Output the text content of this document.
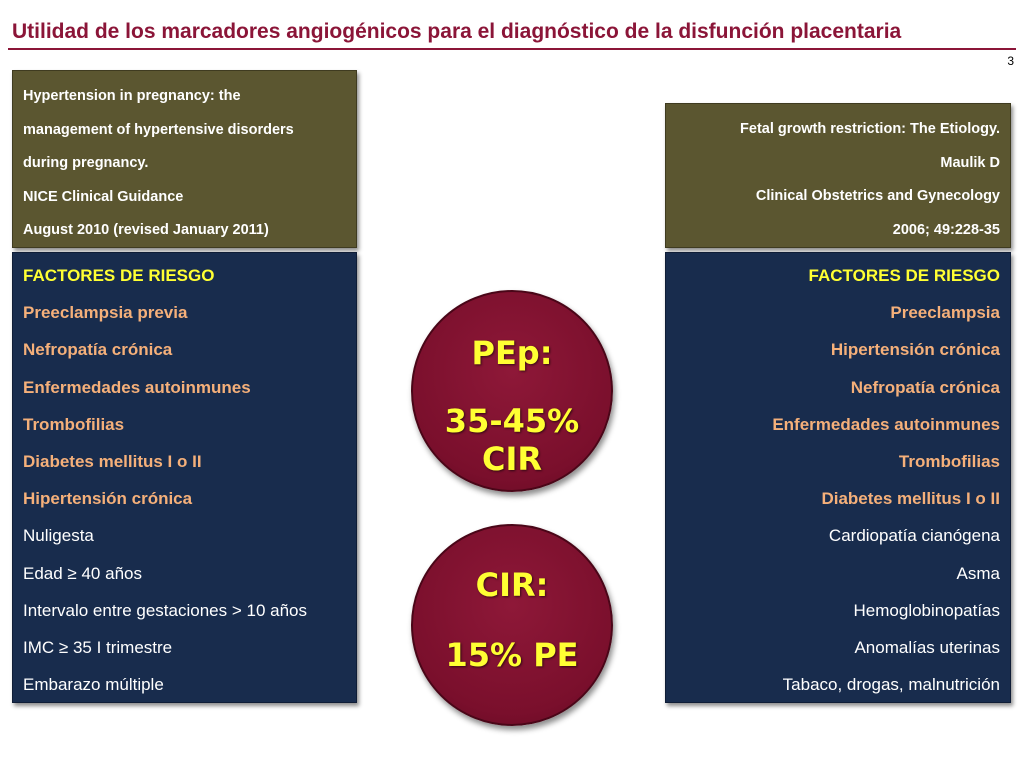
Utilidad de los marcadores angiogénicos para el diagnóstico de la disfunción placentaria
3
Hypertension in pregnancy: the
management of hypertensive disorders
during pregnancy.
NICE Clinical Guidance
August 2010 (revised January 2011)
Fetal growth restriction: The Etiology.
Maulik D
Clinical Obstetrics and Gynecology
2006; 49:228-35
FACTORES DE RIESGO
Preeclampsia previa
Nefropatía crónica
Enfermedades autoinmunes
Trombofilias
Diabetes mellitus I o II
Hipertensión crónica
Nuligesta
Edad ≥ 40 años
Intervalo entre gestaciones > 10 años
IMC ≥ 35 I trimestre
Embarazo múltiple
FACTORES DE RIESGO
Preeclampsia
Hipertensión crónica
Nefropatía crónica
Enfermedades autoinmunes
Trombofilias
Diabetes mellitus I o II
Cardiopatía cianógena
Asma
Hemoglobinopatías
Anomalías uterinas
Tabaco, drogas, malnutrición
PEp:
35-45% CIR
CIR:
15% PE
